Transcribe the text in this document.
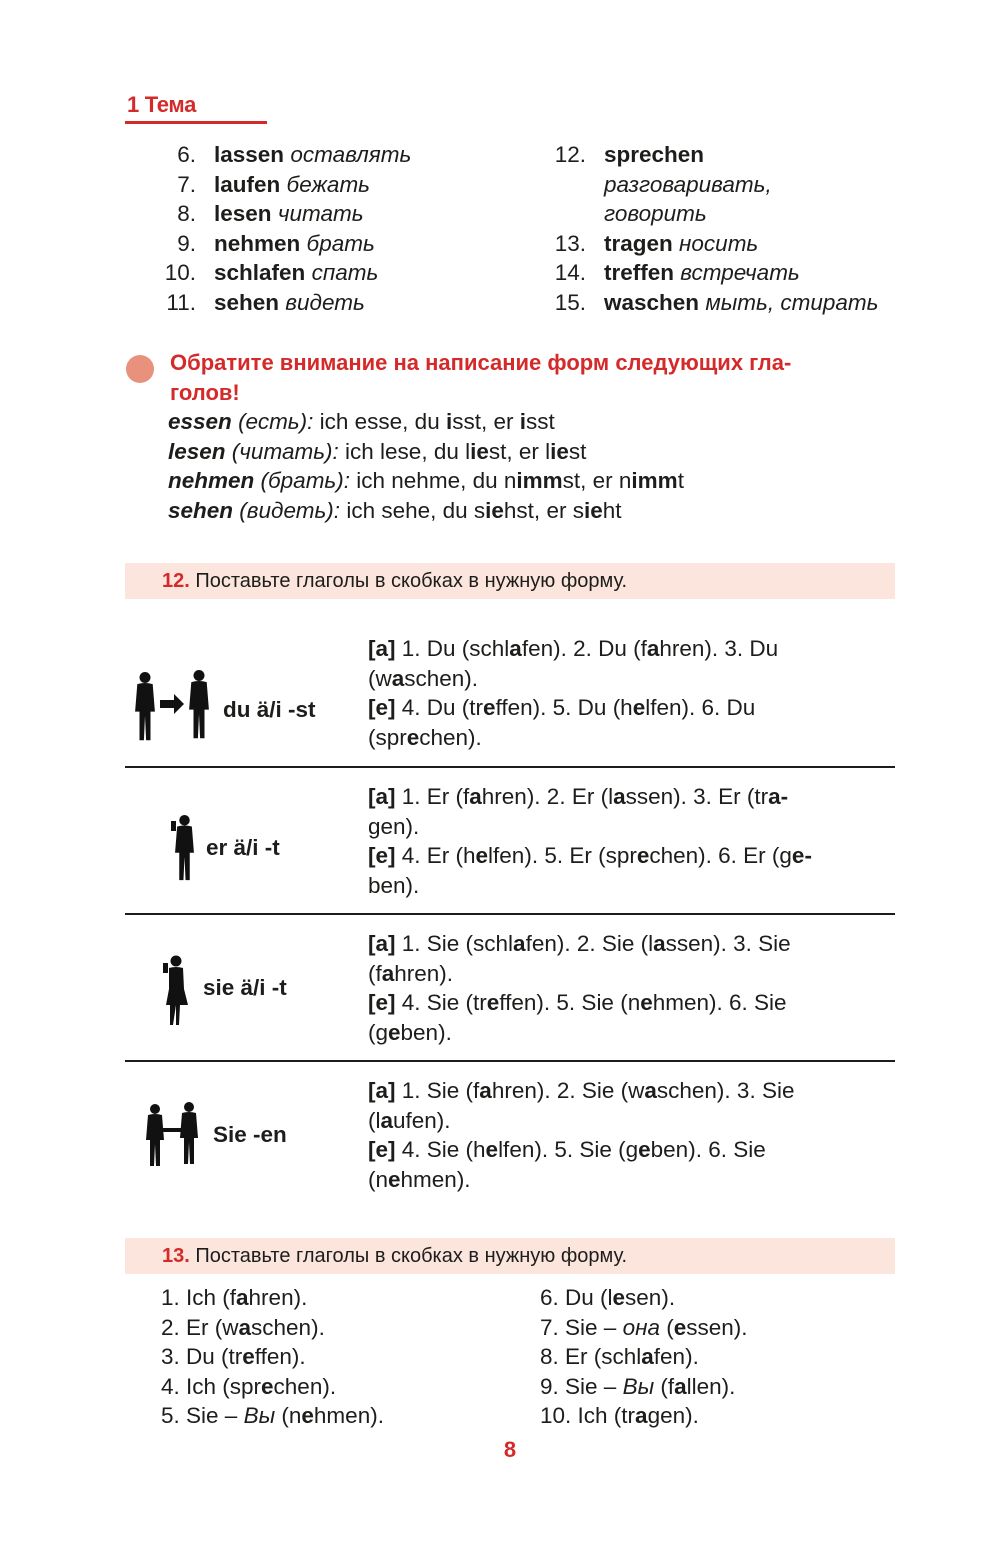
1 Тема
6. lassen оставлять
7. laufen бежать
8. lesen читать
9. nehmen брать
10. schlafen спать
11. sehen видеть
12. sprechen
разговаривать,
говорить
13. tragen носить
14. treffen встречать
15. waschen мыть, стирать
Обратите внимание на написание форм следующих гла-
голов!
essen (есть): ich esse, du isst, er isst
lesen (читать): ich lese, du liest, er liest
nehmen (брать): ich nehme, du nimmst, er nimmt
sehen (видеть): ich sehe, du siehst, er sieht
12. Поставьте глаголы в скобках в нужную форму.
du ä/i -st
[a] 1. Du (schlafen). 2. Du (fahren). 3. Du
(waschen).
[e] 4. Du (treffen). 5. Du (helfen). 6. Du
(sprechen).
er ä/i -t
[a] 1. Er (fahren). 2. Er (lassen). 3. Er (tra-
gen).
[e] 4. Er (helfen). 5. Er (sprechen). 6. Er (ge-
ben).
sie ä/i -t
[a] 1. Sie (schlafen). 2. Sie (lassen). 3. Sie
(fahren).
[e] 4. Sie (treffen). 5. Sie (nehmen). 6. Sie
(geben).
Sie -en
[a] 1. Sie (fahren). 2. Sie (waschen). 3. Sie
(laufen).
[e] 4. Sie (helfen). 5. Sie (geben). 6. Sie
(nehmen).
13. Поставьте глаголы в скобках в нужную форму.
1. Ich (fahren).
2. Er (waschen).
3. Du (treffen).
4. Ich (sprechen).
5. Sie – Вы (nehmen).
6. Du (lesen).
7. Sie – она (essen).
8. Er (schlafen).
9. Sie – Вы (fallen).
10. Ich (tragen).
8
